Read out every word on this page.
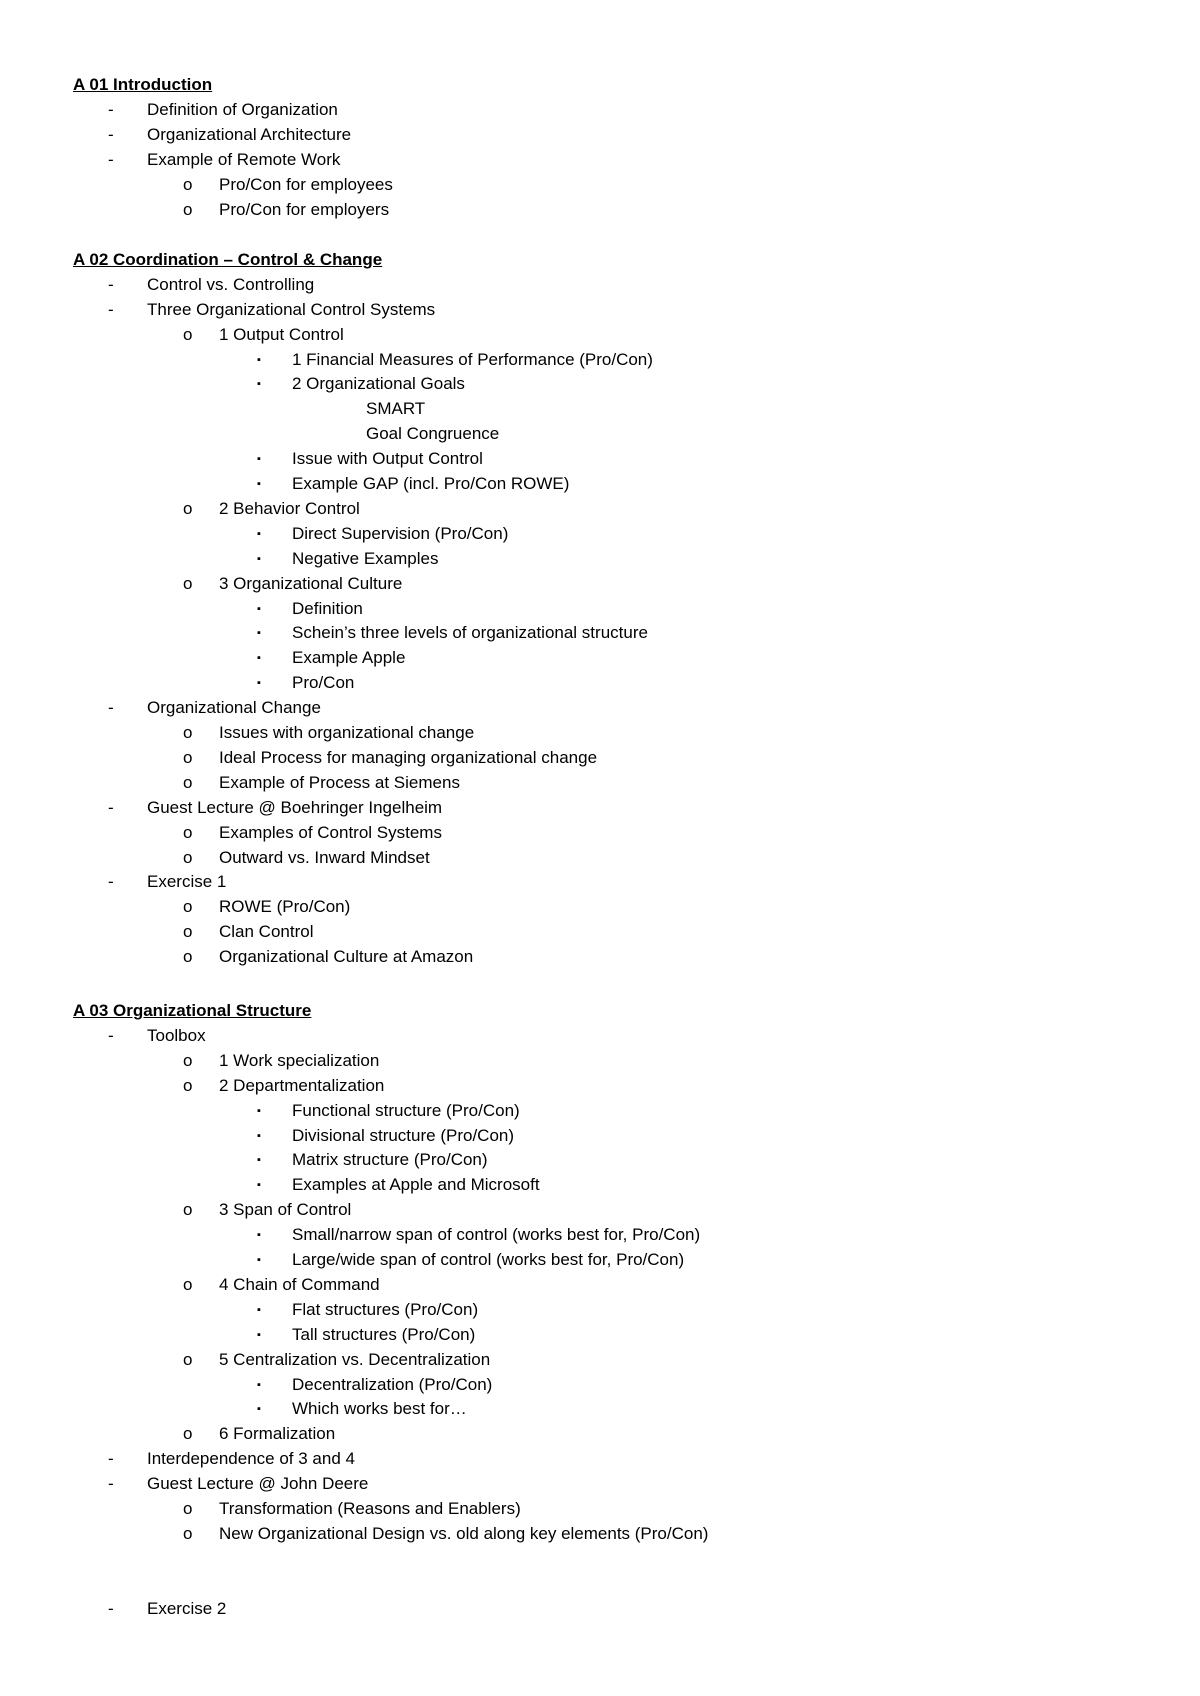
A 01 Introduction
- Definition of Organization
- Organizational Architecture
- Example of Remote Work
o Pro/Con for employees
o Pro/Con for employers
A 02 Coordination – Control & Change
- Control vs. Controlling
- Three Organizational Control Systems
o 1 Output Control
▪ 1 Financial Measures of Performance (Pro/Con)
▪ 2 Organizational Goals
SMART
Goal Congruence
▪ Issue with Output Control
▪ Example GAP (incl. Pro/Con ROWE)
o 2 Behavior Control
▪ Direct Supervision (Pro/Con)
▪ Negative Examples
o 3 Organizational Culture
▪ Definition
▪ Schein’s three levels of organizational structure
▪ Example Apple
▪ Pro/Con
- Organizational Change
o Issues with organizational change
o Ideal Process for managing organizational change
o Example of Process at Siemens
- Guest Lecture @ Boehringer Ingelheim
o Examples of Control Systems
o Outward vs. Inward Mindset
- Exercise 1
o ROWE (Pro/Con)
o Clan Control
o Organizational Culture at Amazon
A 03 Organizational Structure
- Toolbox
o 1 Work specialization
o 2 Departmentalization
▪ Functional structure (Pro/Con)
▪ Divisional structure (Pro/Con)
▪ Matrix structure (Pro/Con)
▪ Examples at Apple and Microsoft
o 3 Span of Control
▪ Small/narrow span of control (works best for, Pro/Con)
▪ Large/wide span of control (works best for, Pro/Con)
o 4 Chain of Command
▪ Flat structures (Pro/Con)
▪ Tall structures (Pro/Con)
o 5 Centralization vs. Decentralization
▪ Decentralization (Pro/Con)
▪ Which works best for…
o 6 Formalization
- Interdependence of 3 and 4
- Guest Lecture @ John Deere
o Transformation (Reasons and Enablers)
o New Organizational Design vs. old along key elements (Pro/Con)
- Exercise 2
